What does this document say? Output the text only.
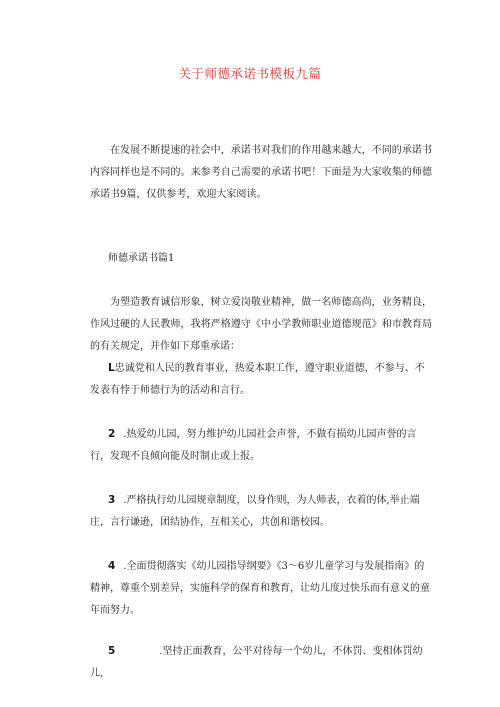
关于师德承诺书模板九篇
在发展不断提速的社会中，承诺书对我们的作用越来越大，不同的承诺书内容同样也是不同的。来参考自己需要的承诺书吧！下面是为大家收集的师德承诺书9篇，仅供参考，欢迎大家阅读。
师德承诺书篇1
为塑造教育诚信形象，树立爱岗敬业精神，做一名师德高尚，业务精良，作风过硬的人民教师，我将严格遵守《中小学教师职业道德规范》和市教育局的有关规定，并作如下郑重承诺：
L忠诚党和人民的教育事业，热爱本职工作，遵守职业道德，不参与、不发表有悖于师德行为的活动和言行。
2 .热爱幼儿园，努力维护幼儿园社会声誉，不做有损幼儿园声誉的言行，发现不良倾向能及时制止或上报。
3 .严格执行幼儿园规章制度，以身作则，为人师表，衣着的体,举止端庄，言行谦逊，团结协作，互相关心，共创和谐校园。
4 .全面贯彻落实《幼儿园指导纲要》《3〜6岁儿童学习与发展指南》的精神，尊重个别差异，实施科学的保育和教育，让幼儿度过快乐而有意义的童年而努力。
5	.坚持正面教育，公平对待每一个幼儿，不体罚、变相体罚幼儿,
